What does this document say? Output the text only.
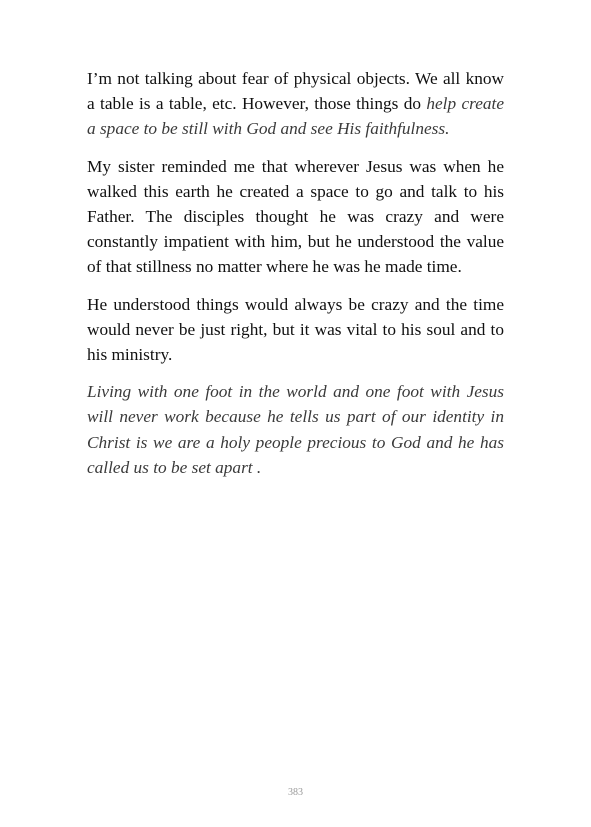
I’m not talking about fear of physical objects. We all know a table is a table, etc. However, those things do help create a space to be still with God and see His faithfulness.

My sister reminded me that wherever Jesus was when he walked this earth he created a space to go and talk to his Father. The disciples thought he was crazy and were constantly impatient with him, but he understood the value of that stillness no matter where he was he made time.

He understood things would always be crazy and the time would never be just right, but it was vital to his soul and to his ministry.

Living with one foot in the world and one foot with Jesus will never work because he tells us part of our identity in Christ is we are a holy people precious to God and he has called us to be set apart .

383
